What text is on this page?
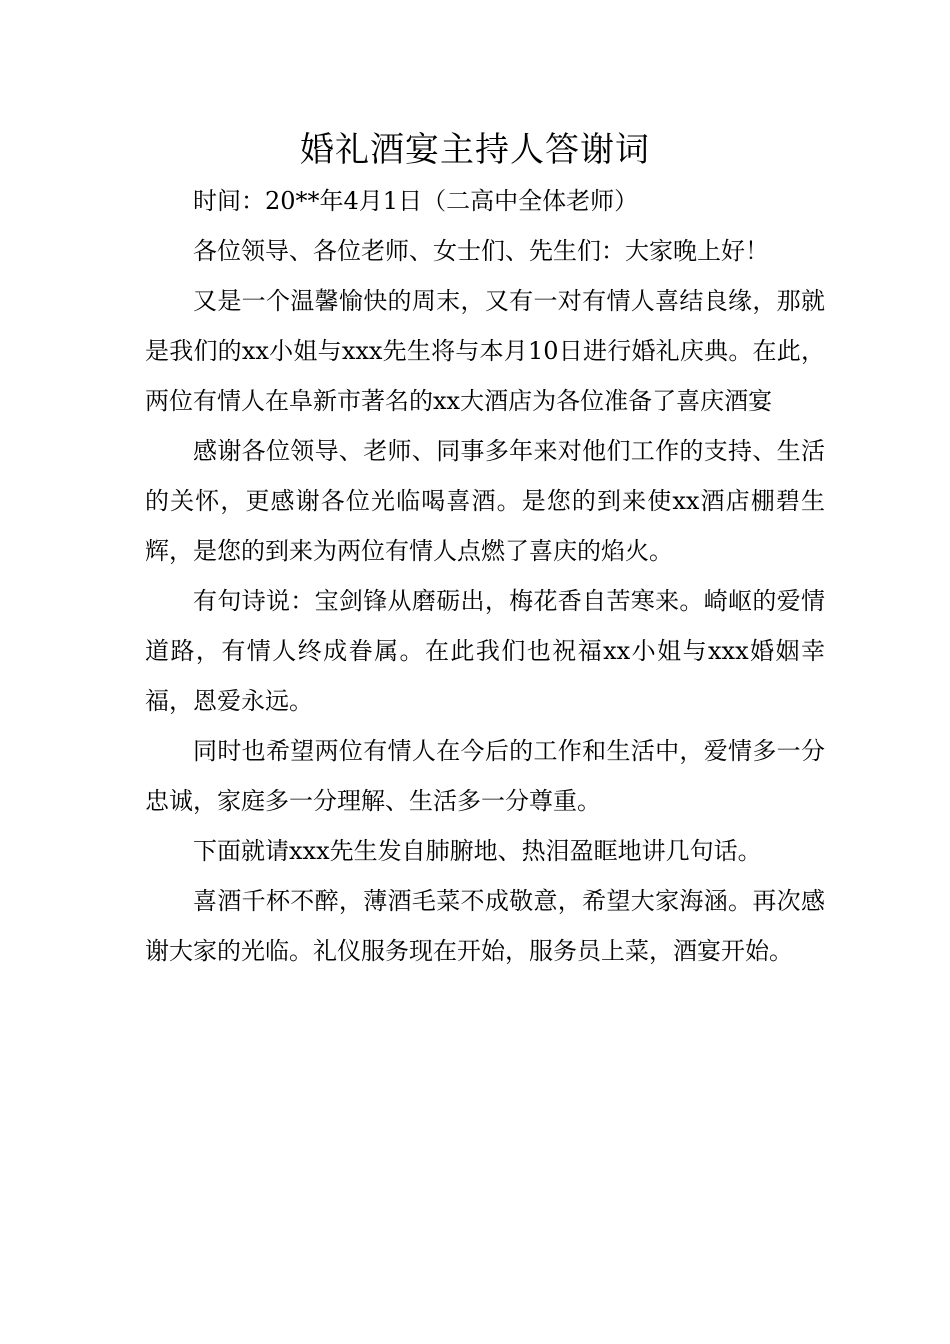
婚礼酒宴主持人答谢词

时间：20**年4月1日（二高中全体老师）

各位领导、各位老师、女士们、先生们：大家晚上好！

又是一个温馨愉快的周末，又有一对有情人喜结良缘，那就是我们的xx小姐与xxx先生将与本月10日进行婚礼庆典。在此，两位有情人在阜新市著名的xx大酒店为各位准备了喜庆酒宴

感谢各位领导、老师、同事多年来对他们工作的支持、生活的关怀，更感谢各位光临喝喜酒。是您的到来使xx酒店棚碧生辉，是您的到来为两位有情人点燃了喜庆的焰火。

有句诗说：宝剑锋从磨砺出，梅花香自苦寒来。崎岖的爱情道路，有情人终成眷属。在此我们也祝福xx小姐与xxx婚姻幸福，恩爱永远。

同时也希望两位有情人在今后的工作和生活中，爱情多一分忠诚，家庭多一分理解、生活多一分尊重。

下面就请xxx先生发自肺腑地、热泪盈眶地讲几句话。

喜酒千杯不醉，薄酒毛菜不成敬意，希望大家海涵。再次感谢大家的光临。礼仪服务现在开始，服务员上菜，酒宴开始。
